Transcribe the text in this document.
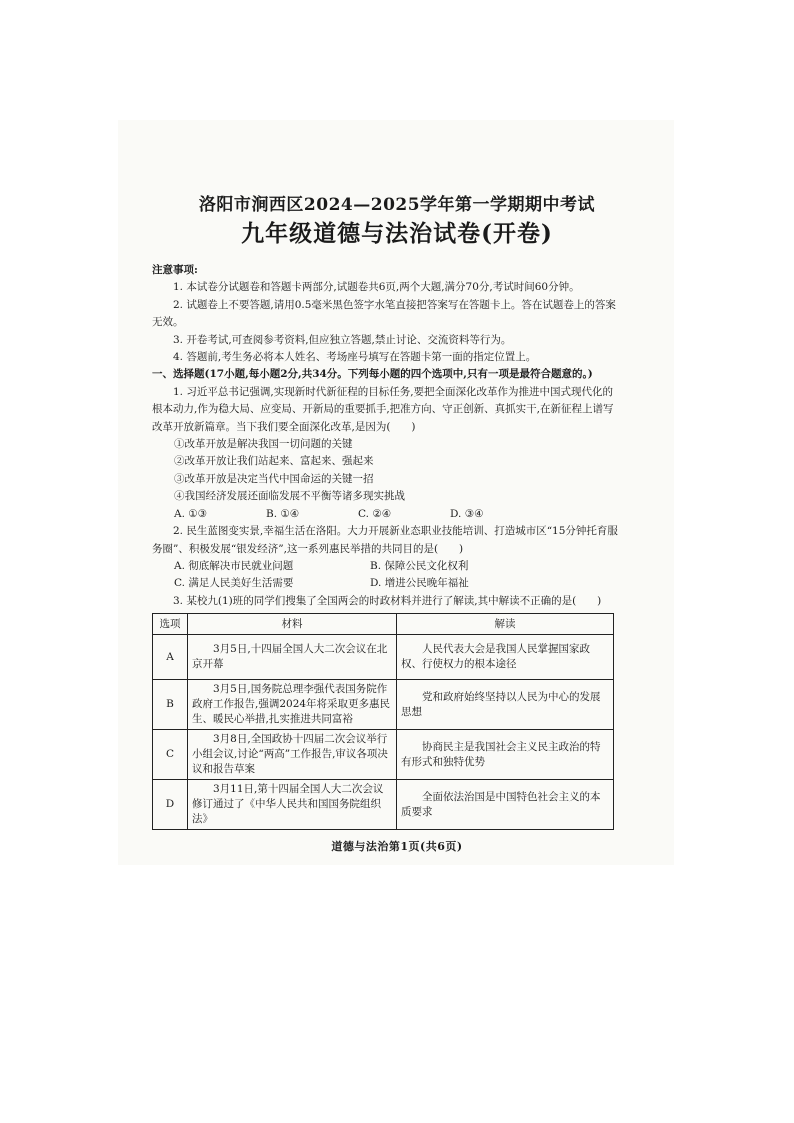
洛阳市涧西区2024—2025学年第一学期期中考试
九年级道德与法治试卷(开卷)

注意事项:

1. 本试卷分试题卷和答题卡两部分,试题卷共6页,两个大题,满分70分,考试时间60分钟。

2. 试题卷上不要答题,请用0.5毫米黑色签字水笔直接把答案写在答题卡上。答在试题卷上的答案无效。

3. 开卷考试,可查阅参考资料,但应独立答题,禁止讨论、交流资料等行为。

4. 答题前,考生务必将本人姓名、考场座号填写在答题卡第一面的指定位置上。

一、选择题(17小题,每小题2分,共34分。下列每小题的四个选项中,只有一项是最符合题意的。)

1. 习近平总书记强调,实现新时代新征程的目标任务,要把全面深化改革作为推进中国式现代化的根本动力,作为稳大局、应变局、开新局的重要抓手,把准方向、守正创新、真抓实干,在新征程上谱写改革开放新篇章。当下我们要全面深化改革,是因为(　　)

①改革开放是解决我国一切问题的关键

②改革开放让我们站起来、富起来、强起来

③改革开放是决定当代中国命运的关键一招

④我国经济发展还面临发展不平衡等诸多现实挑战

A. ①③	B. ①④	C. ②④	D. ③④

2. 民生蓝图变实景,幸福生活在洛阳。大力开展新业态职业技能培训、打造城市区“15分钟托育服务圈”、积极发展“银发经济”,这一系列惠民举措的共同目的是(　　)

A. 彻底解决市民就业问题	B. 保障公民文化权利
C. 满足人民美好生活需要	D. 增进公民晚年福祉

3. 某校九(1)班的同学们搜集了全国两会的时政材料并进行了解读,其中解读不正确的是(　　)

选项	材料	解读
A	3月5日,十四届全国人大二次会议在北京开幕	人民代表大会是我国人民掌握国家政权、行使权力的根本途径

B	3月5日,国务院总理李强代表国务院作政府工作报告,强调2024年将采取更多惠民生、暖民心举措,扎实推进共同富裕	党和政府始终坚持以人民为中心的发展思想

C	3月8日,全国政协十四届二次会议举行小组会议,讨论“两高”工作报告,审议各项决议和报告草案	协商民主是我国社会主义民主政治的特有形式和独特优势

D	3月11日,第十四届全国人大二次会议修订通过了《中华人民共和国国务院组织法》	全面依法治国是中国特色社会主义的本质要求
道德与法治第1页(共6页)
